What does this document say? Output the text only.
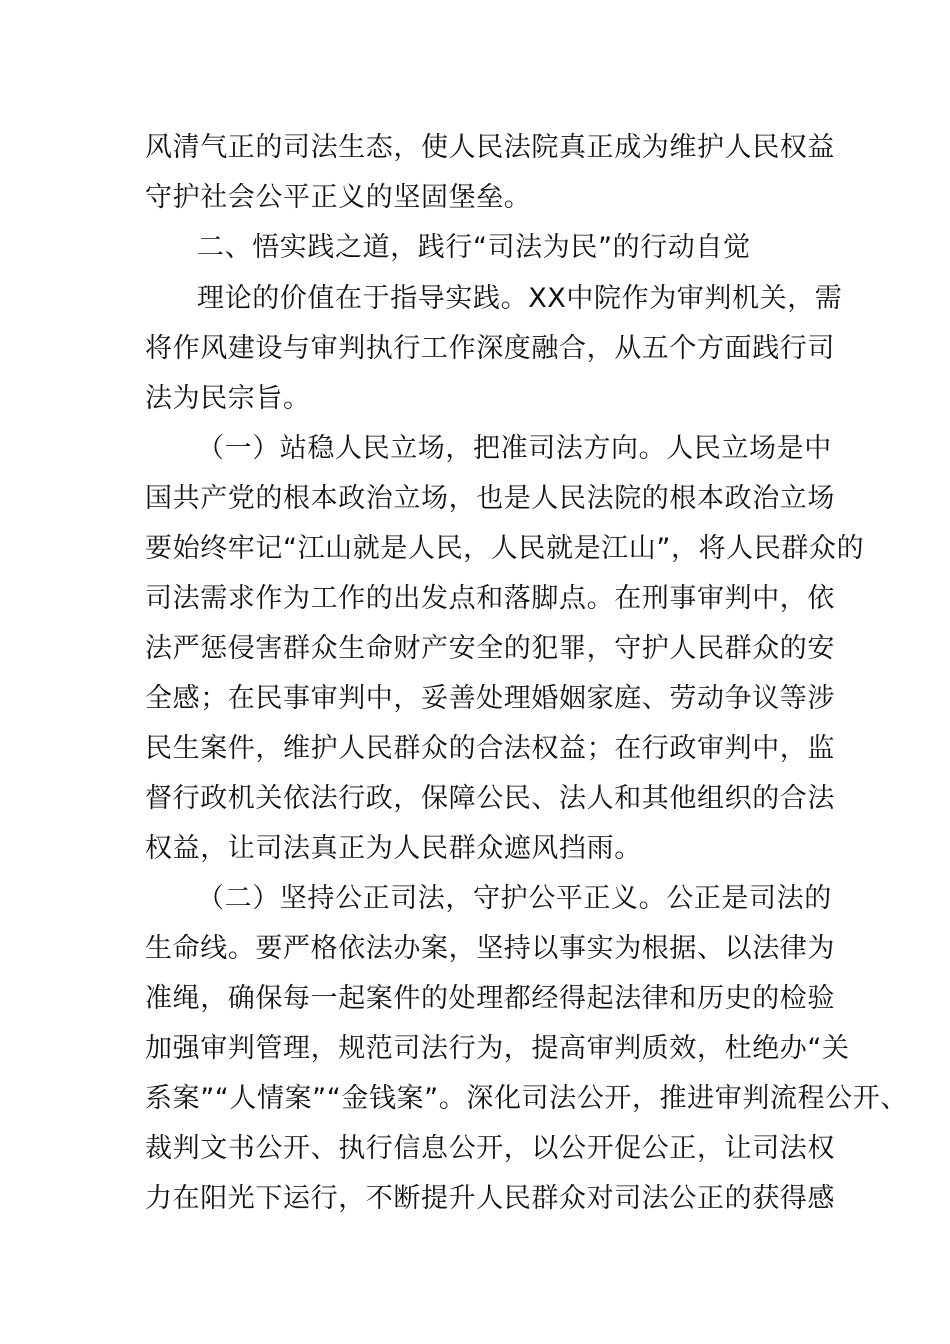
风清气正的司法生态，使人民法院真正成为维护人民权益
守护社会公平正义的坚固堡垒。
二、悟实践之道，践行“司法为民”的行动自觉
理论的价值在于指导实践。XX中院作为审判机关，需
将作风建设与审判执行工作深度融合，从五个方面践行司
法为民宗旨。
（一）站稳人民立场，把准司法方向。人民立场是中
国共产党的根本政治立场，也是人民法院的根本政治立场
要始终牢记“江山就是人民，人民就是江山”，将人民群众的
司法需求作为工作的出发点和落脚点。在刑事审判中，依
法严惩侵害群众生命财产安全的犯罪，守护人民群众的安
全感；在民事审判中，妥善处理婚姻家庭、劳动争议等涉
民生案件，维护人民群众的合法权益；在行政审判中，监
督行政机关依法行政，保障公民、法人和其他组织的合法
权益，让司法真正为人民群众遮风挡雨。
（二）坚持公正司法，守护公平正义。公正是司法的
生命线。要严格依法办案，坚持以事实为根据、以法律为
准绳，确保每一起案件的处理都经得起法律和历史的检验
加强审判管理，规范司法行为，提高审判质效，杜绝办“关
系案”“人情案”“金钱案”。深化司法公开，推进审判流程公开、
裁判文书公开、执行信息公开，以公开促公正，让司法权
力在阳光下运行，不断提升人民群众对司法公正的获得感
